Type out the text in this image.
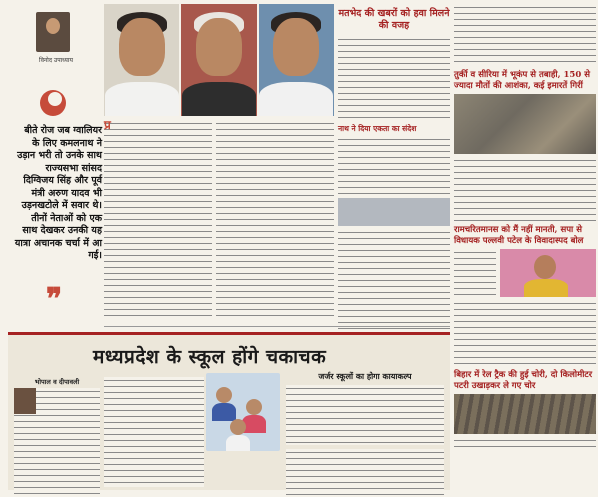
विनोद उपाध्याय
बीते रोज जब ग्वालियर के लिए कमलनाथ ने उड़ान भरी तो उनके साथ राज्यसभा सांसद दिग्विजय सिंह और पूर्व मंत्री अरुण यादव भी उड़नखटोले में सवार थे। तीनों नेताओं को एक साथ देखकर उनकी यह यात्रा अचानक चर्चा में आ गई।
❞
प्र
मतभेद की खबरों को हवा मिलने की वजह
नाथ ने दिया एकता का संदेश
तुर्की व सीरिया में भूकंप से तबाही, 150 से ज्यादा मौतों की आशंका, कई इमारतें गिरीं
रामचरितमानस को मैं नहीं मानती, सपा से विधायक पल्लवी पटेल के विवादास्पद बोल
बिहार में रेल ट्रैक की हुई चोरी, दो किलोमीटर पटरी उखाड़कर ले गए चोर
मध्यप्रदेश के स्कूल होंगे चकाचक
भोपाल व दीपावली
जर्जर स्कूलों का होगा कायाकल्प
